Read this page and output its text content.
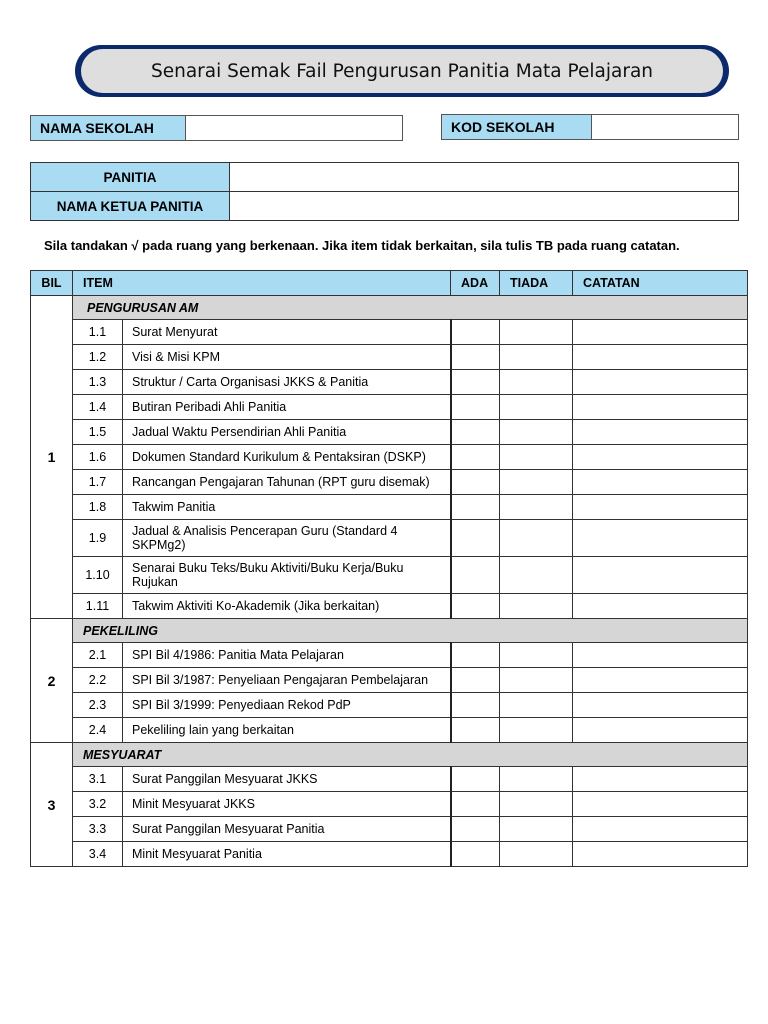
Senarai Semak Fail Pengurusan Panitia Mata Pelajaran
NAMA SEKOLAH	KOD SEKOLAH
PANITIA
NAMA KETUA PANITIA
Sila tandakan √ pada ruang yang berkenaan. Jika item tidak berkaitan, sila tulis TB pada ruang catatan.
BIL	ITEM		ADA	TIADA	CATATAN
1	PENGURUSAN AM				
	1.1	Surat Menyurat			
	1.2	Visi & Misi KPM			
	1.3	Struktur / Carta Organisasi JKKS & Panitia			
	1.4	Butiran Peribadi Ahli Panitia			
	1.5	Jadual Waktu Persendirian Ahli Panitia			
	1.6	Dokumen Standard Kurikulum & Pentaksiran (DSKP)			
	1.7	Rancangan Pengajaran Tahunan (RPT guru disemak)			
	1.8	Takwim Panitia			
	1.9	Jadual & Analisis Pencerapan Guru (Standard 4 SKPMg2)			
	1.10	Senarai Buku Teks/Buku Aktiviti/Buku Kerja/Buku Rujukan			
	1.11	Takwim Aktiviti Ko-Akademik (Jika berkaitan)			
2	PEKELILING				
	2.1	SPI Bil 4/1986: Panitia Mata Pelajaran			
	2.2	SPI Bil 3/1987: Penyeliaan Pengajaran Pembelajaran			
	2.3	SPI Bil 3/1999: Penyediaan Rekod PdP			
	2.4	Pekeliling lain yang berkaitan			
3	MESYUARAT				
	3.1	Surat Panggilan Mesyuarat JKKS			
	3.2	Minit Mesyuarat JKKS			
	3.3	Surat Panggilan Mesyuarat Panitia			
	3.4	Minit Mesyuarat Panitia			
